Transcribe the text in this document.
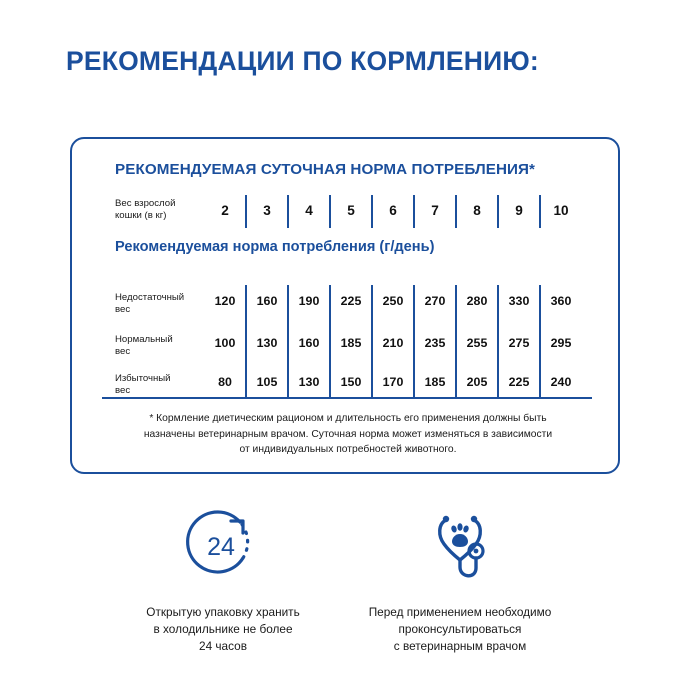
РЕКОМЕНДАЦИИ ПО КОРМЛЕНИЮ:
РЕКОМЕНДУЕМАЯ СУТОЧНАЯ НОРМА ПОТРЕБЛЕНИЯ*
Вес взрослой
кошки (в кг)	2	3	4	5	6	7	8	9	10
Рекомендуемая норма потребления (г/день)
Недостаточный
вес
120	160	190	225	250	270	280	330	360
Нормальный
вес
100	130	160	185	210	235	255	275	295
Избыточный
вес
80	105	130	150	170	185	205	225	240
* Кормление диетическим рационом и длительность его применения должны быть
назначены ветеринарным врачом. Суточная норма может изменяться в зависимости
от индивидуальных потребностей животного.
24
Открытую упаковку хранить
в холодильнике не более
24 часов
Перед применением необходимо
проконсультироваться
с ветеринарным врачом
